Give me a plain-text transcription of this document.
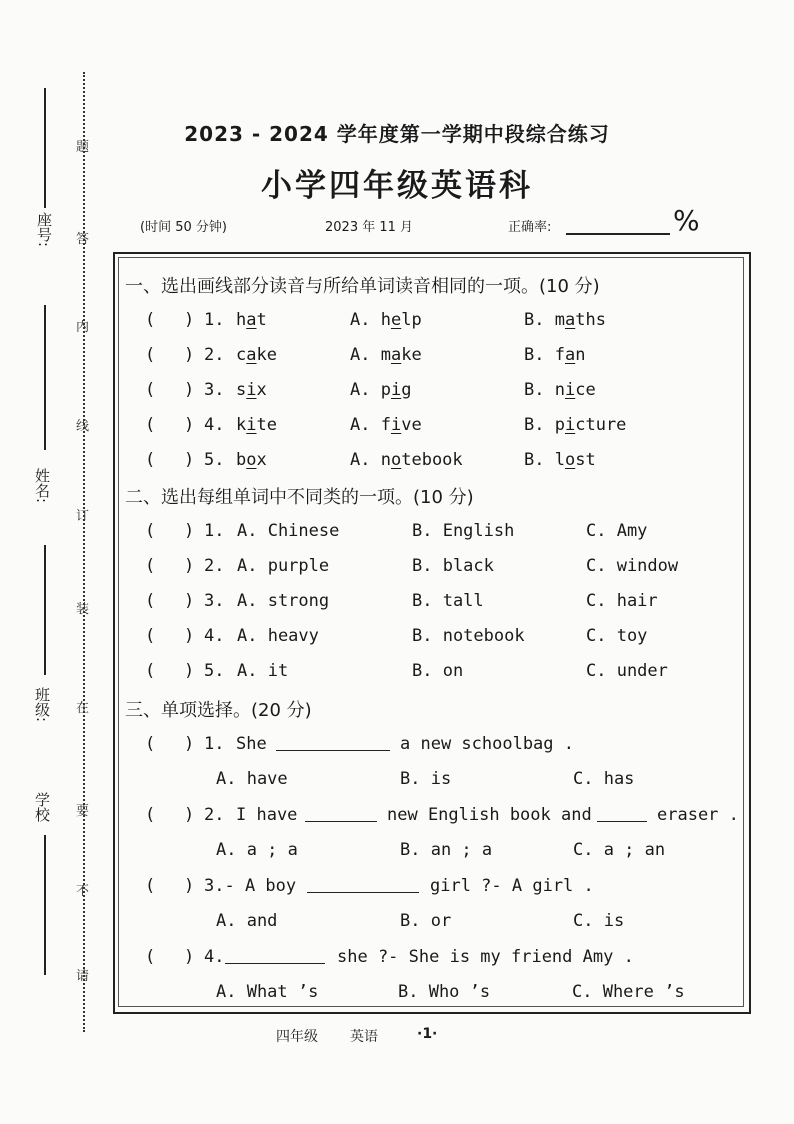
座号:
姓名:
班级:
学校
题
答
内
线
订
装
在
要
不
请
2023 - 2024 学年度第一学期中段综合练习
小学四年级英语科
(时间 50 分钟)	2023 年 11 月	正确率:	%
一、选出画线部分读音与所给单词读音相同的一项。(10 分)
( ) 1. hat	A. help	B. maths
( ) 2. cake	A. make	B. fan
( ) 3. six	A. pig	B. nice
( ) 4. kite	A. five	B. picture
( ) 5. box	A. notebook	B. lost
二、选出每组单词中不同类的一项。(10 分)
( ) 1. A. Chinese	B. English	C. Amy
( ) 2. A. purple	B. black	C. window
( ) 3. A. strong	B. tall	C. hair
( ) 4. A. heavy	B. notebook	C. toy
( ) 5. A. it	B. on	C. under
三、单项选择。(20 分)
( ) 1. She	a new schoolbag .
A. have	B. is	C. has
( ) 2. I have	new English book and	eraser .
A. a ; a	B. an ; a	C. a ; an
( ) 3.- A boy	girl ?- A girl .
A. and	B. or	C. is
( ) 4.	she ?- She is my friend Amy .
A. What ’s	B. Who ’s	C. Where ’s
四年级 英语	·1·
